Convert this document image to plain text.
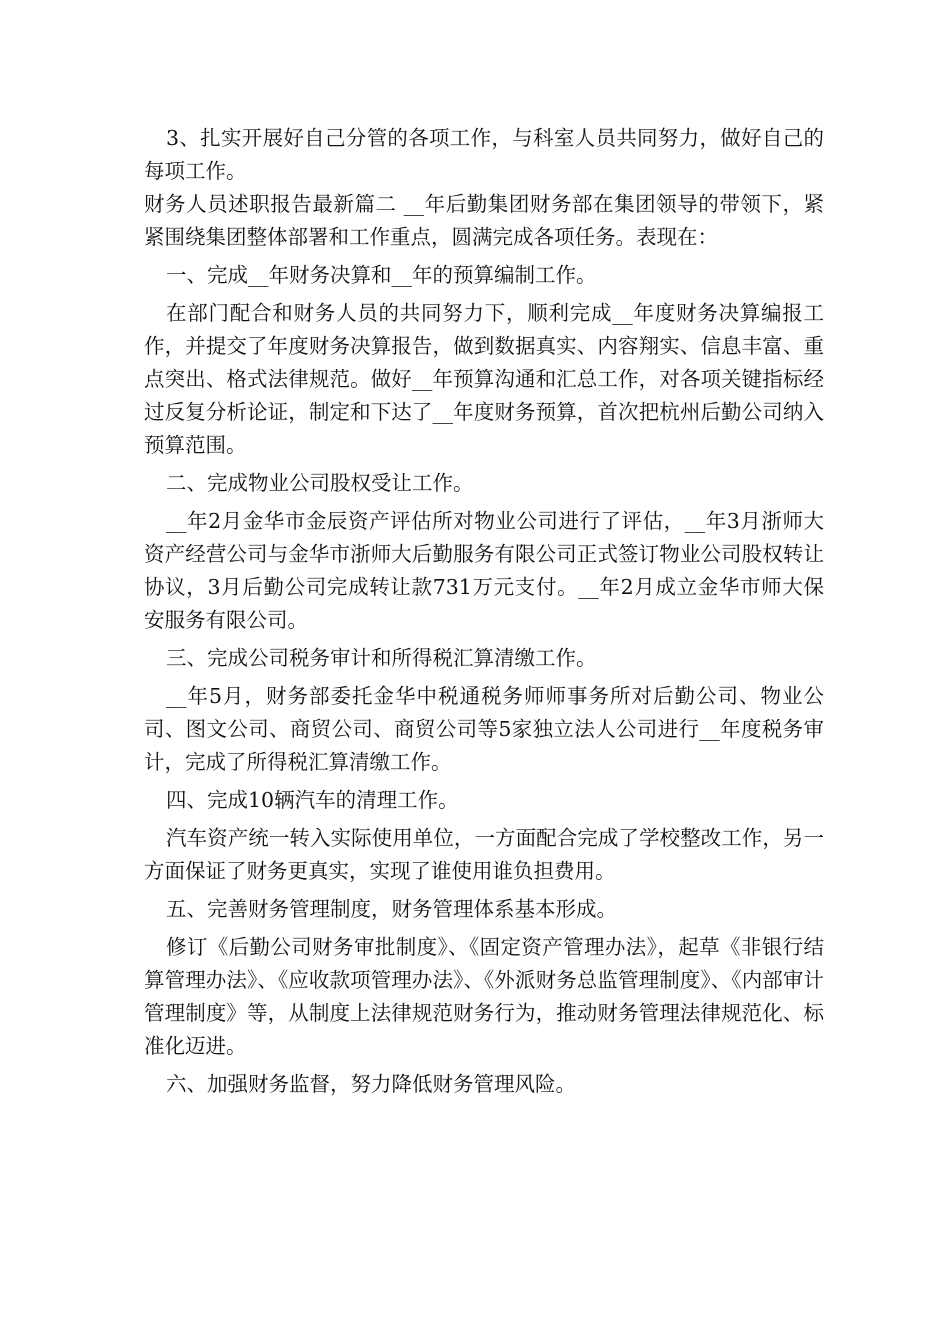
3、扎实开展好自己分管的各项工作，与科室人员共同努力，做好自己的每项工作。

财务人员述职报告最新篇二 __年后勤集团财务部在集团领导的带领下，紧紧围绕集团整体部署和工作重点，圆满完成各项任务。表现在：

一、完成__年财务决算和__年的预算编制工作。

在部门配合和财务人员的共同努力下，顺利完成__年度财务决算编报工作，并提交了年度财务决算报告，做到数据真实、内容翔实、信息丰富、重点突出、格式法律规范。做好__年预算沟通和汇总工作，对各项关键指标经过反复分析论证，制定和下达了__年度财务预算，首次把杭州后勤公司纳入预算范围。

二、完成物业公司股权受让工作。

__年2月金华市金辰资产评估所对物业公司进行了评估，__年3月浙师大资产经营公司与金华市浙师大后勤服务有限公司正式签订物业公司股权转让协议，3月后勤公司完成转让款731万元支付。__年2月成立金华市师大保安服务有限公司。

三、完成公司税务审计和所得税汇算清缴工作。

__年5月，财务部委托金华中税通税务师师事务所对后勤公司、物业公司、图文公司、商贸公司、商贸公司等5家独立法人公司进行__年度税务审计，完成了所得税汇算清缴工作。

四、完成10辆汽车的清理工作。

汽车资产统一转入实际使用单位，一方面配合完成了学校整改工作，另一方面保证了财务更真实，实现了谁使用谁负担费用。

五、完善财务管理制度，财务管理体系基本形成。

修订《后勤公司财务审批制度》、《固定资产管理办法》，起草《非银行结算管理办法》、《应收款项管理办法》、《外派财务总监管理制度》、《内部审计管理制度》等，从制度上法律规范财务行为，推动财务管理法律规范化、标准化迈进。

六、加强财务监督，努力降低财务管理风险。
